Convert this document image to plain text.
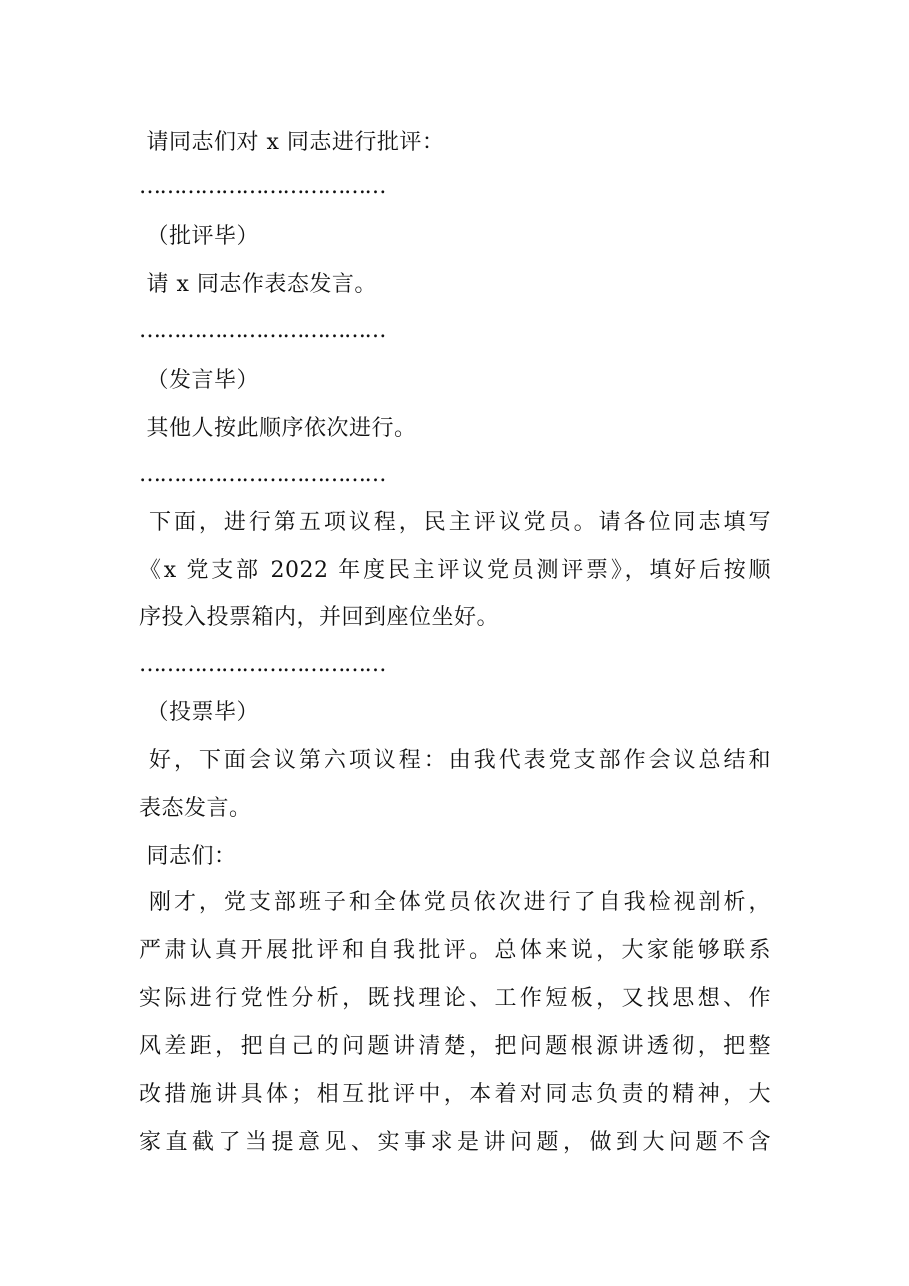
请同志们对 x 同志进行批评：
………………………………
（批评毕）
请 x 同志作表态发言。
………………………………
（发言毕）
其他人按此顺序依次进行。
………………………………
下面，进行第五项议程，民主评议党员。请各位同志填写
《x 党支部 2022 年度民主评议党员测评票》，填好后按顺
序投入投票箱内，并回到座位坐好。
………………………………
（投票毕）
好，下面会议第六项议程：由我代表党支部作会议总结和
表态发言。
同志们：
刚才，党支部班子和全体党员依次进行了自我检视剖析，
严肃认真开展批评和自我批评。总体来说，大家能够联系
实际进行党性分析，既找理论、工作短板，又找思想、作
风差距，把自己的问题讲清楚，把问题根源讲透彻，把整
改措施讲具体；相互批评中，本着对同志负责的精神，大
家直截了当提意见、实事求是讲问题，做到大问题不含
